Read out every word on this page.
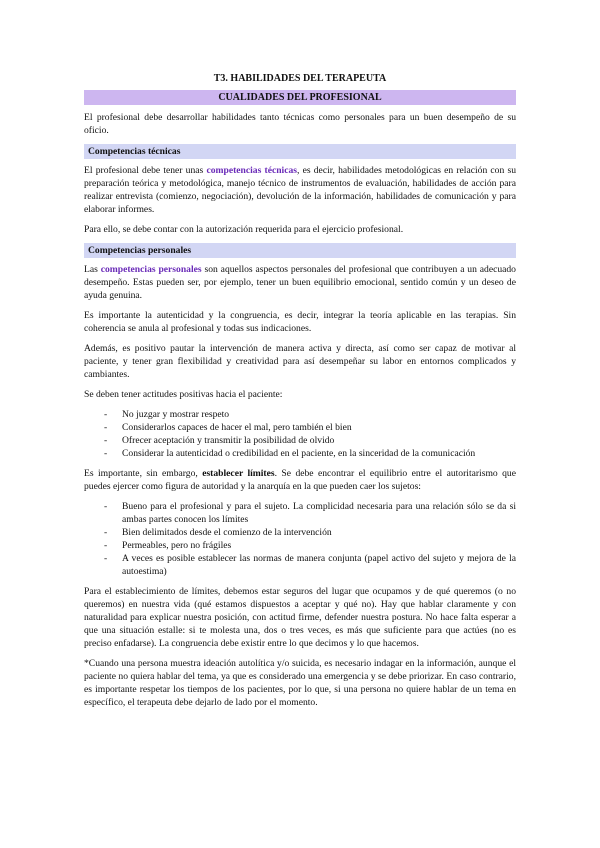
T3. HABILIDADES DEL TERAPEUTA
CUALIDADES DEL PROFESIONAL

El profesional debe desarrollar habilidades tanto técnicas como personales para un buen desempeño de su oficio.

Competencias técnicas

El profesional debe tener unas competencias técnicas, es decir, habilidades metodológicas en relación con su preparación teórica y metodológica, manejo técnico de instrumentos de evaluación, habilidades de acción para realizar entrevista (comienzo, negociación), devolución de la información, habilidades de comunicación y para elaborar informes.

Para ello, se debe contar con la autorización requerida para el ejercicio profesional.

Competencias personales

Las competencias personales son aquellos aspectos personales del profesional que contribuyen a un adecuado desempeño. Estas pueden ser, por ejemplo, tener un buen equilibrio emocional, sentido común y un deseo de ayuda genuina.

Es importante la autenticidad y la congruencia, es decir, integrar la teoría aplicable en las terapias. Sin coherencia se anula al profesional y todas sus indicaciones.

Además, es positivo pautar la intervención de manera activa y directa, así como ser capaz de motivar al paciente, y tener gran flexibilidad y creatividad para así desempeñar su labor en entornos complicados y cambiantes.

Se deben tener actitudes positivas hacia el paciente:

- No juzgar y mostrar respeto
- Considerarlos capaces de hacer el mal, pero también el bien
- Ofrecer aceptación y transmitir la posibilidad de olvido
- Considerar la autenticidad o credibilidad en el paciente, en la sinceridad de la comunicación

Es importante, sin embargo, establecer límites. Se debe encontrar el equilibrio entre el autoritarismo que puedes ejercer como figura de autoridad y la anarquía en la que pueden caer los sujetos:

- Bueno para el profesional y para el sujeto. La complicidad necesaria para una relación sólo se da si ambas partes conocen los límites
- Bien delimitados desde el comienzo de la intervención
- Permeables, pero no frágiles
- A veces es posible establecer las normas de manera conjunta (papel activo del sujeto y mejora de la autoestima)

Para el establecimiento de límites, debemos estar seguros del lugar que ocupamos y de qué queremos (o no queremos) en nuestra vida (qué estamos dispuestos a aceptar y qué no). Hay que hablar claramente y con naturalidad para explicar nuestra posición, con actitud firme, defender nuestra postura. No hace falta esperar a que una situación estalle: si te molesta una, dos o tres veces, es más que suficiente para que actúes (no es preciso enfadarse). La congruencia debe existir entre lo que decimos y lo que hacemos.

*Cuando una persona muestra ideación autolítica y/o suicida, es necesario indagar en la información, aunque el paciente no quiera hablar del tema, ya que es considerado una emergencia y se debe priorizar. En caso contrario, es importante respetar los tiempos de los pacientes, por lo que, si una persona no quiere hablar de un tema en específico, el terapeuta debe dejarlo de lado por el momento.
